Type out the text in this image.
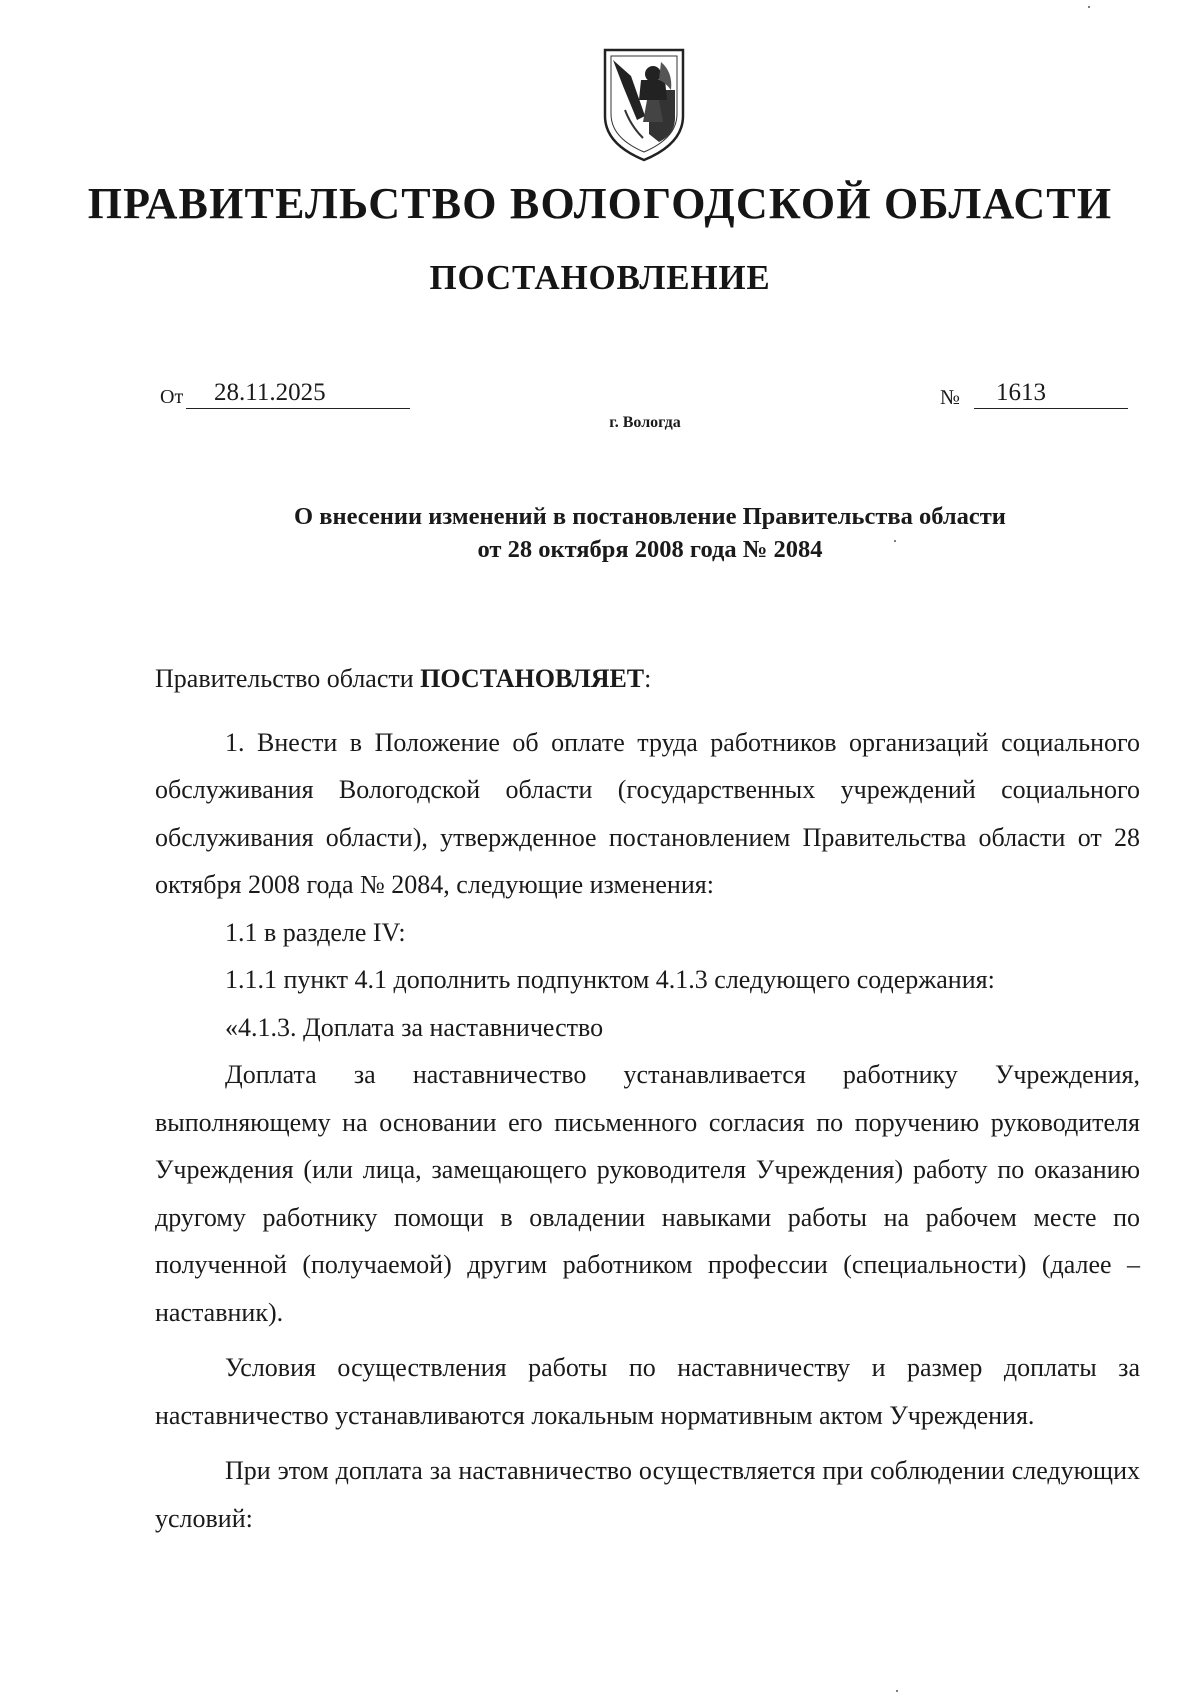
ПРАВИТЕЛЬСТВО ВОЛОГОДСКОЙ ОБЛАСТИ
ПОСТАНОВЛЕНИЕ
От	28.11.2025	№	1613
г. Вологда
О внесении изменений в постановление Правительства области
от 28 октября 2008 года № 2084

Правительство области ПОСТАНОВЛЯЕТ:

1. Внести в Положение об оплате труда работников организаций социального обслуживания Вологодской области (государственных учреждений социального обслуживания области), утвержденное постановлением Правительства области от 28 октября 2008 года № 2084, следующие изменения:

1.1 в разделе IV:

1.1.1 пункт 4.1 дополнить подпунктом 4.1.3 следующего содержания:

«4.1.3. Доплата за наставничество

Доплата за наставничество устанавливается работнику Учреждения, выполняющему на основании его письменного согласия по поручению руководителя Учреждения (или лица, замещающего руководителя Учреждения) работу по оказанию другому работнику помощи в овладении навыками работы на рабочем месте по полученной (получаемой) другим работником профессии (специальности) (далее – наставник).

Условия осуществления работы по наставничеству и размер доплаты за наставничество устанавливаются локальным нормативным актом Учреждения.

При этом доплата за наставничество осуществляется при соблюдении следующих условий:
